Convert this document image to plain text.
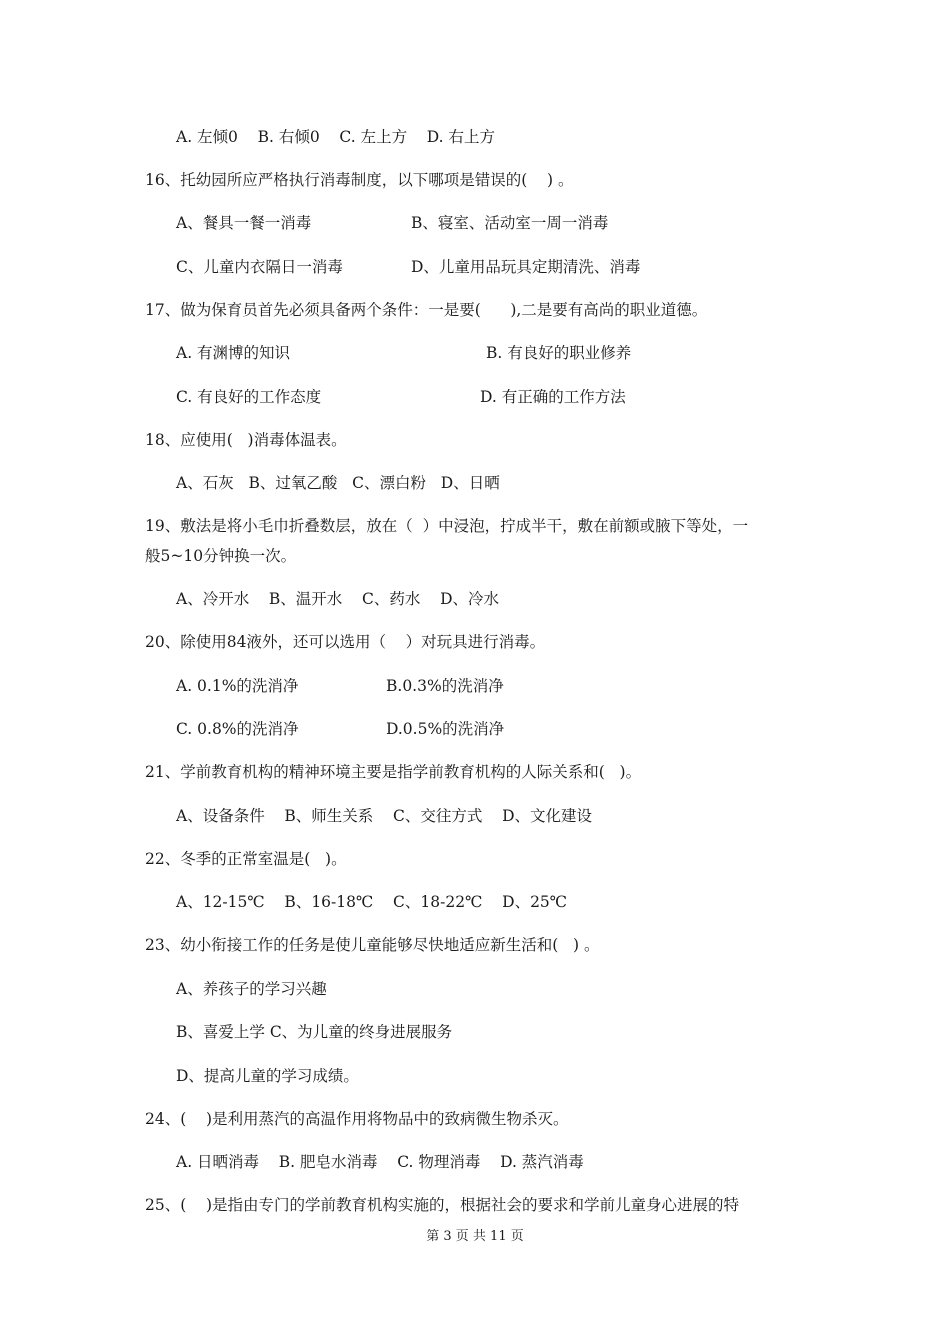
A. 左倾0    B. 右倾0    C. 左上方    D. 右上方
16、托幼园所应严格执行消毒制度，以下哪项是错误的(    ) 。
A、餐具一餐一消毒	B、寝室、活动室一周一消毒
C、儿童内衣隔日一消毒	D、儿童用品玩具定期清洗、消毒
17、做为保育员首先必须具备两个条件：一是要(      ),二是要有高尚的职业道德。
A. 有渊博的知识	B. 有良好的职业修养
C. 有良好的工作态度	D. 有正确的工作方法
18、应使用(   )消毒体温表。
A、石灰   B、过氧乙酸   C、漂白粉   D、日晒
19、敷法是将小毛巾折叠数层，放在（  ）中浸泡，拧成半干，敷在前额或腋下等处，一
般5~10分钟换一次。
A、冷开水    B、温开水    C、药水    D、冷水
20、除使用84液外，还可以选用（    ）对玩具进行消毒。
A. 0.1%的洗消净	B.0.3%的洗消净
C. 0.8%的洗消净	D.0.5%的洗消净
21、学前教育机构的精神环境主要是指学前教育机构的人际关系和(   )。
A、设备条件    B、师生关系    C、交往方式    D、文化建设
22、冬季的正常室温是(   )。
A、12-15℃    B、16-18℃    C、18-22℃    D、25℃
23、幼小衔接工作的任务是使儿童能够尽快地适应新生活和(   ) 。
A、养孩子的学习兴趣
B、喜爱上学 C、为儿童的终身进展服务
D、提高儿童的学习成绩。
24、(    )是利用蒸汽的高温作用将物品中的致病微生物杀灭。
A. 日晒消毒    B. 肥皂水消毒    C. 物理消毒    D. 蒸汽消毒
25、(    )是指由专门的学前教育机构实施的，根据社会的要求和学前儿童身心进展的特
第 3 页 共 11 页
